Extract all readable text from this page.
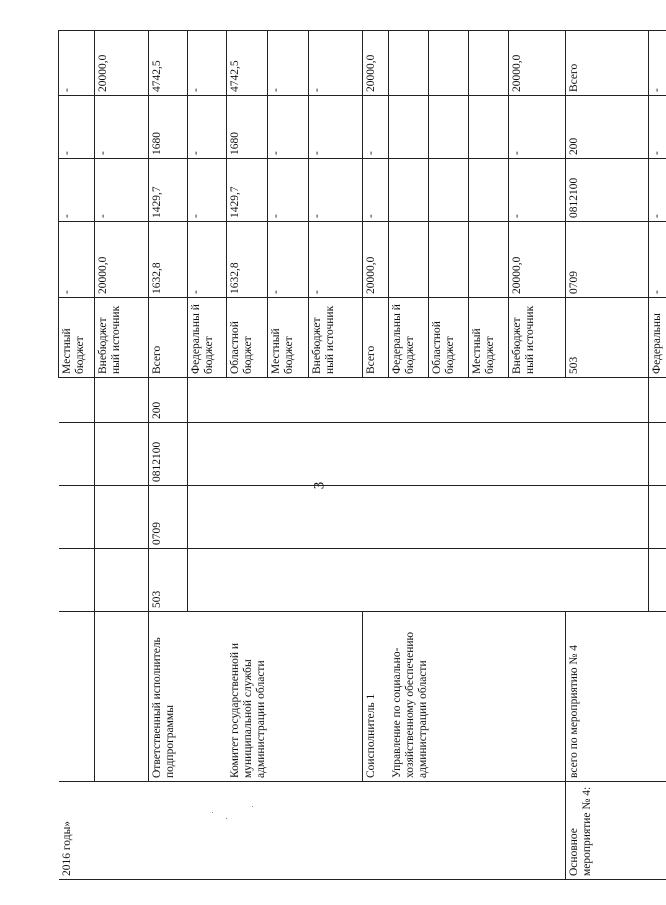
3
2016 годы»						Местный бюджет	-	-	-	-	
						Внебюджет ный источник	20000,0	-	-	20000,0	
	Ответственный исполнитель подпрограммы	503	0709	0812100	200	Всего	1632,8	1429,7	1680	4742,5	
						Федеральны й бюджет	-	-	-	-	
	Комитет государственной и муниципальной службы администрации области					Областной бюджет	1632,8	1429,7	1680	4742,5	
						Местный бюджет	-	-	-	-	
						Внебюджет ный источник	-	-	-	-	
	Соисполнитель 1					Всего	20000,0	-	-	20000,0	
	Управление по социально-хозяйственному обеспечению администрации области					Федеральны й бюджет					
						Областной бюджет					
						Местный бюджет					
						Внебюджет ный источник	20000,0	-	-	20000,0	
Основное мероприятие № 4:	всего по мероприятию № 4					503	0709	0812100	200	Всего				
						Федеральны	-	-	-	-	
